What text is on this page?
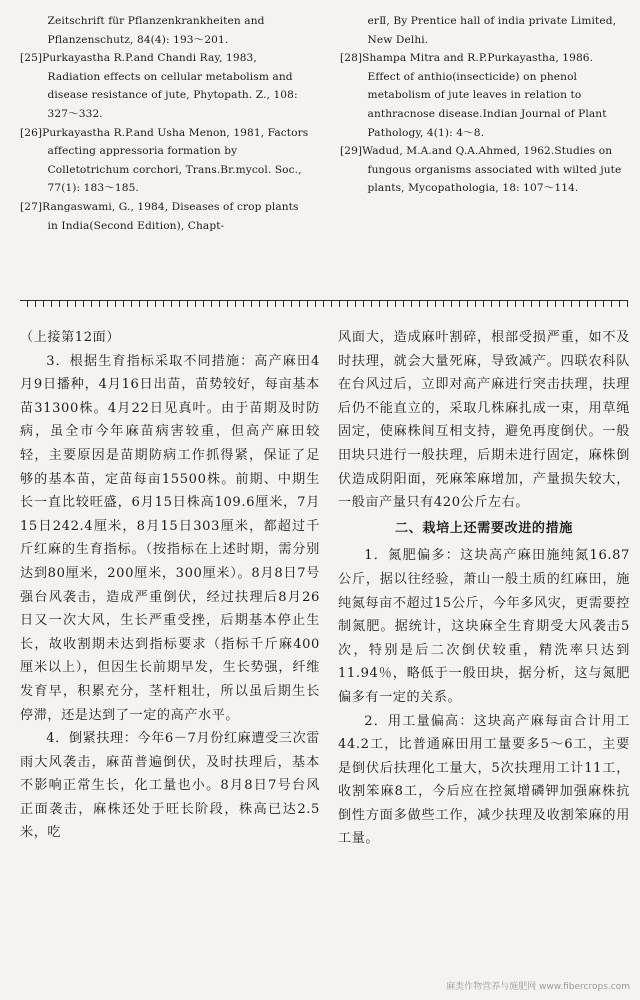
Zeitschrift für Pflanzenkrankheiten and Pflanzenschutz, 84(4): 193～201.

[25]Purkayastha R.P.and Chandi Ray, 1983, Radiation effects on cellular metabolism and disease resistance of jute, Phytopath. Z., 108: 327～332.

[26]Purkayastha R.P.and Usha Menon, 1981, Factors affecting appressoria formation by Colletotrichum corchori, Trans.Br.mycol. Soc., 77(1): 183～185.

[27]Rangaswami, G., 1984, Diseases of crop plants in India(Second Edition), Chapt-

erⅡ, By Prentice hall of india private Limited, New Delhi.

[28]Shampa Mitra and R.P.Purkayastha, 1986. Effect of anthio(insecticide) on phenol metabolism of jute leaves in relation to anthracnose disease.Indian Journal of Plant Pathology, 4(1): 4～8.

[29]Wadud, M.A.and Q.A.Ahmed, 1962.Studies on fungous organisms associated with wilted jute plants, Mycopathologia, 18: 107～114.

（上接第12面）

3．根据生育指标采取不同措施：高产麻田4月9日播种，4月16日出苗，苗势较好，每亩基本苗31300株。4月22日见真叶。由于苗期及时防病，虽全市今年麻苗病害较重，但高产麻田较轻，主要原因是苗期防病工作抓得紧，保证了足够的基本苗，定苗每亩15500株。前期、中期生长一直比较旺盛，6月15日株高109.6厘米，7月15日242.4厘米，8月15日303厘米，都超过千斤红麻的生育指标。（按指标在上述时期，需分别达到80厘米，200厘米，300厘米）。8月8日7号强台风袭击，造成严重倒伏，经过扶理后8月26日又一次大风，生长严重受挫，后期基本停止生长，故收割期未达到指标要求（指标千斤麻400厘米以上），但因生长前期早发，生长势强，纤维发育早，积累充分，茎杆粗壮，所以虽后期生长停滞，还是达到了一定的高产水平。

4．倒紧扶理：今年6－7月份红麻遭受三次雷雨大风袭击，麻苗普遍倒伏，及时扶理后，基本不影响正常生长，化工量也小。8月8日7号台风正面袭击，麻株还处于旺长阶段，株高已达2.5米，吃

风面大，造成麻叶割碎，根部受损严重，如不及时扶理，就会大量死麻，导致减产。四联农科队在台风过后，立即对高产麻进行突击扶理，扶理后仍不能直立的，采取几株麻扎成一束，用草绳固定，使麻株间互相支持，避免再度倒伏。一般田块只进行一般扶理，后期未进行固定，麻株倒伏造成阴阳面，死麻笨麻增加，产量损失较大，一般亩产量只有420公斤左右。

二、栽培上还需要改进的措施

1．氮肥偏多：这块高产麻田施纯氮16.87公斤，据以往经验，萧山一般土质的红麻田，施纯氮每亩不超过15公斤，今年多风灾，更需要控制氮肥。据统计，这块麻全生育期受大风袭击5次，特别是后二次倒伏较重，精洗率只达到11.94％，略低于一般田块，据分析，这与氮肥偏多有一定的关系。

2．用工量偏高：这块高产麻每亩合计用工44.2工，比普通麻田用工量要多5～6工，主要是倒伏后扶理化工量大，5次扶理用工计11工，收割笨麻8工，今后应在控氮增磷钾加强麻株抗倒性方面多做些工作，减少扶理及收割笨麻的用工量。

麻类作物营养与施肥网 www.fibercrops.com
